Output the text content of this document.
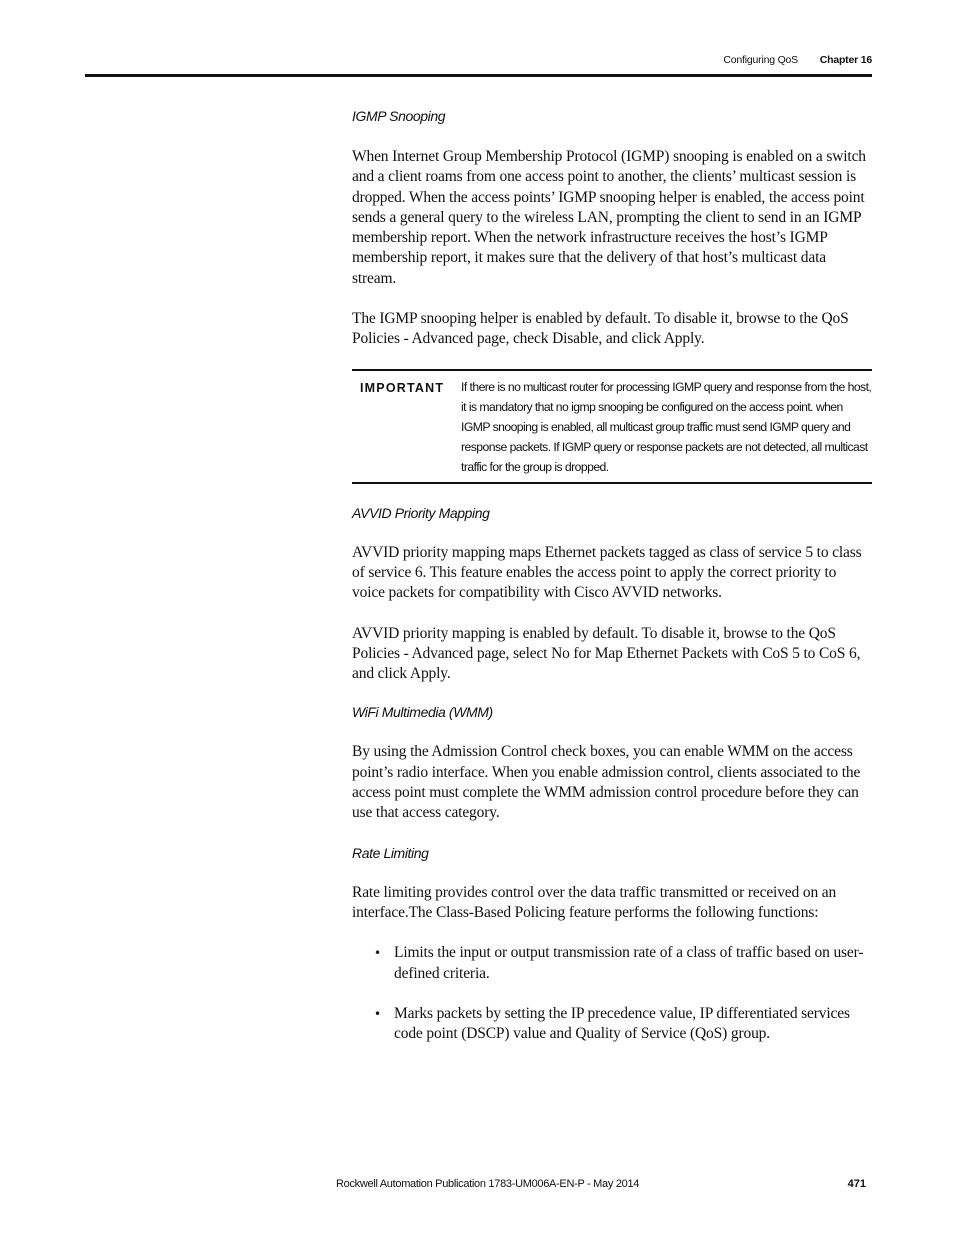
Configuring QoS Chapter 16

IGMP Snooping

When Internet Group Membership Protocol (IGMP) snooping is enabled on a switch and a client roams from one access point to another, the clients’ multicast session is dropped. When the access points’ IGMP snooping helper is enabled, the access point sends a general query to the wireless LAN, prompting the client to send in an IGMP membership report. When the network infrastructure receives the host’s IGMP membership report, it makes sure that the delivery of that host’s multicast data stream.

The IGMP snooping helper is enabled by default. To disable it, browse to the QoS Policies - Advanced page, check Disable, and click Apply.

IMPORTANT If there is no multicast router for processing IGMP query and response from the host, it is mandatory that no igmp snooping be configured on the access point. when IGMP snooping is enabled, all multicast group traffic must send IGMP query and response packets. If IGMP query or response packets are not detected, all multicast traffic for the group is dropped.

AVVID Priority Mapping

AVVID priority mapping maps Ethernet packets tagged as class of service 5 to class of service 6. This feature enables the access point to apply the correct priority to voice packets for compatibility with Cisco AVVID networks.

AVVID priority mapping is enabled by default. To disable it, browse to the QoS Policies - Advanced page, select No for Map Ethernet Packets with CoS 5 to CoS 6, and click Apply.

WiFi Multimedia (WMM)

By using the Admission Control check boxes, you can enable WMM on the access point’s radio interface. When you enable admission control, clients associated to the access point must complete the WMM admission control procedure before they can use that access category.

Rate Limiting

Rate limiting provides control over the data traffic transmitted or received on an interface.The Class-Based Policing feature performs the following functions:

• Limits the input or output transmission rate of a class of traffic based on user-defined criteria.
• Marks packets by setting the IP precedence value, IP differentiated services code point (DSCP) value and Quality of Service (QoS) group.
Rockwell Automation Publication 1783-UM006A-EN-P - May 2014	471
